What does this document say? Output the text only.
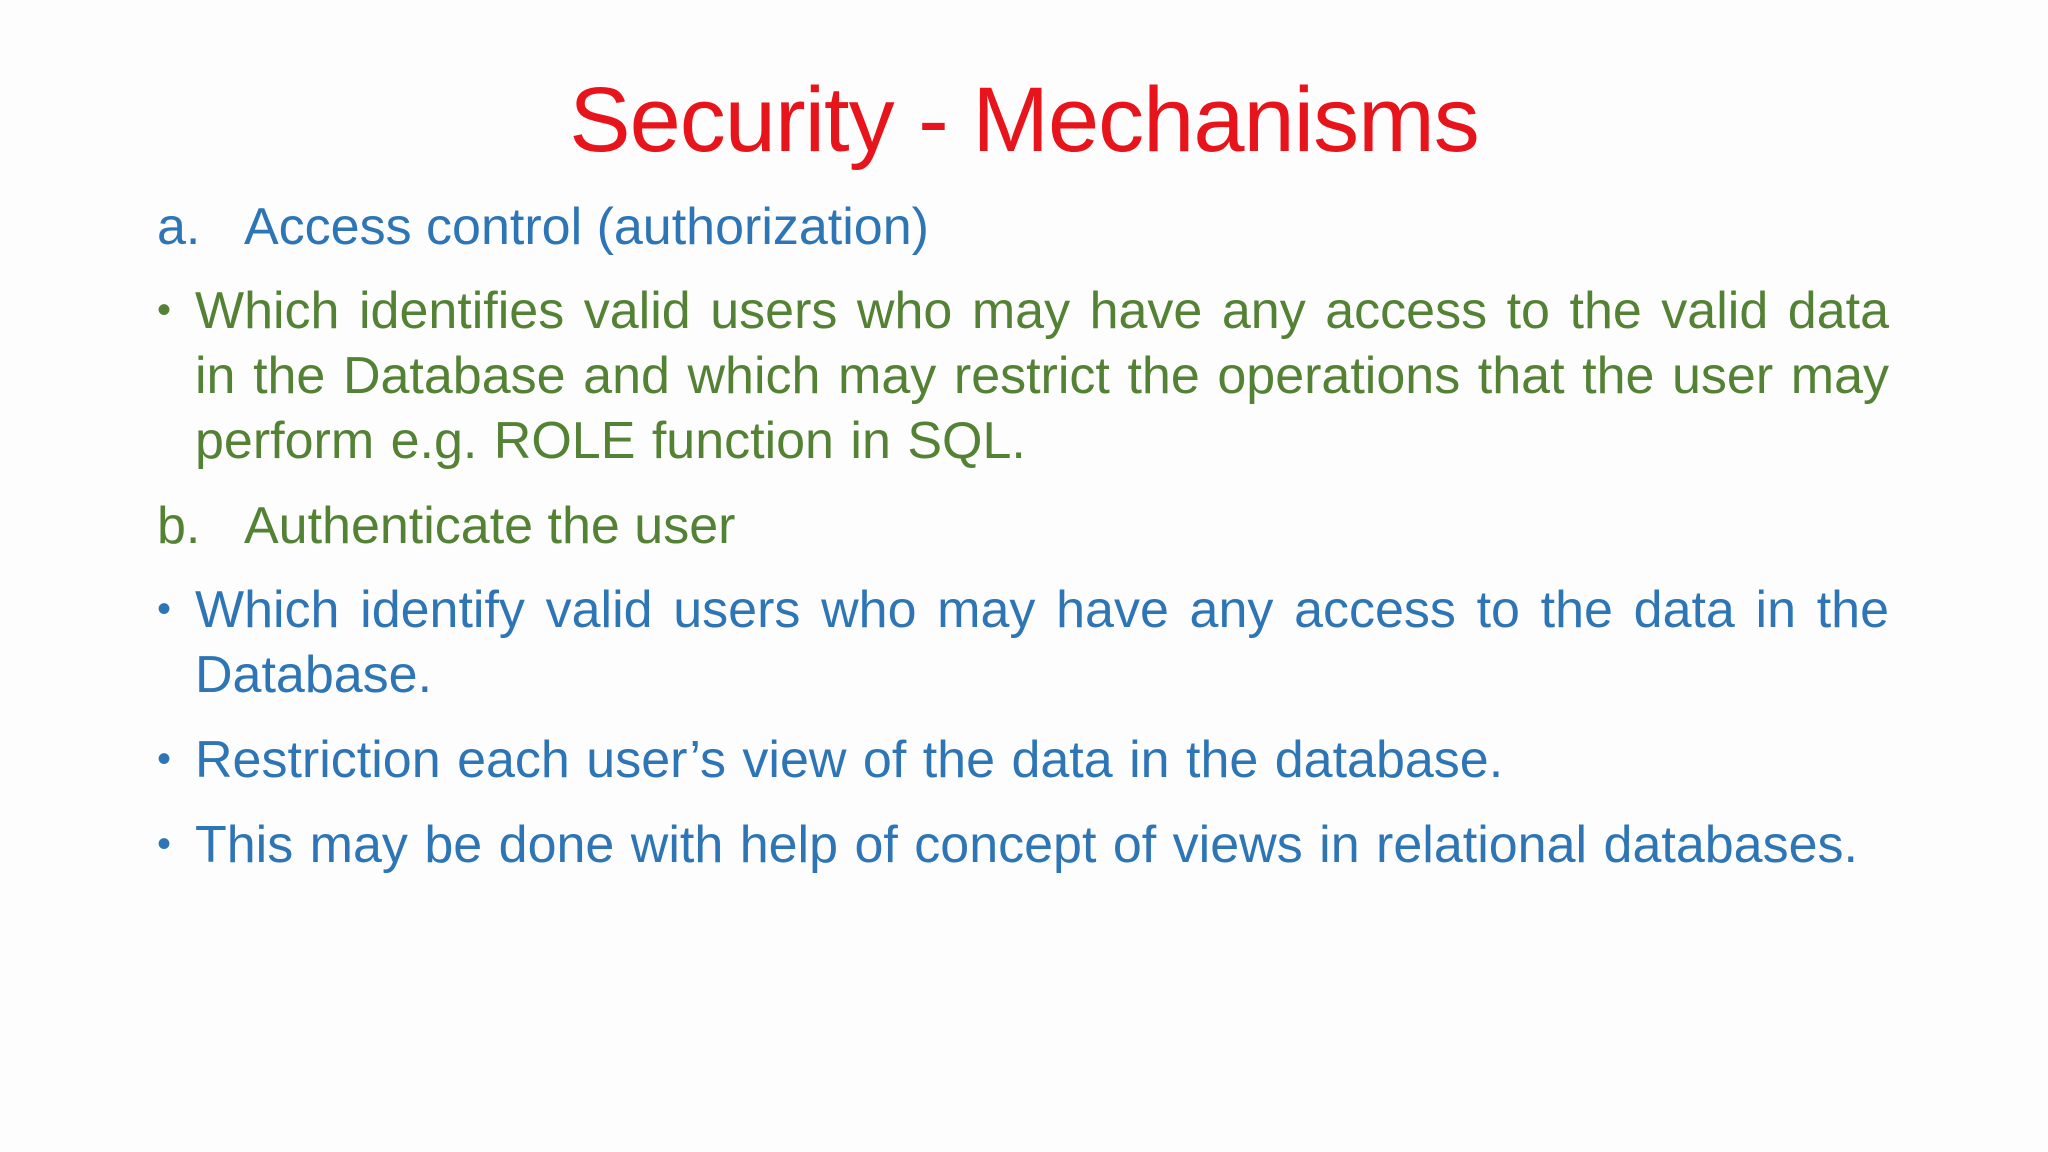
Security - Mechanisms
a. Access control (authorization)
• Which identifies valid users who may have any access to the valid data in the Database and which may restrict the operations that the user may perform e.g. ROLE function in SQL.
b. Authenticate the user
• Which identify valid users who may have any access to the data in the Database.
• Restriction each user’s view of the data in the database.
• This may be done with help of concept of views in relational databases.
